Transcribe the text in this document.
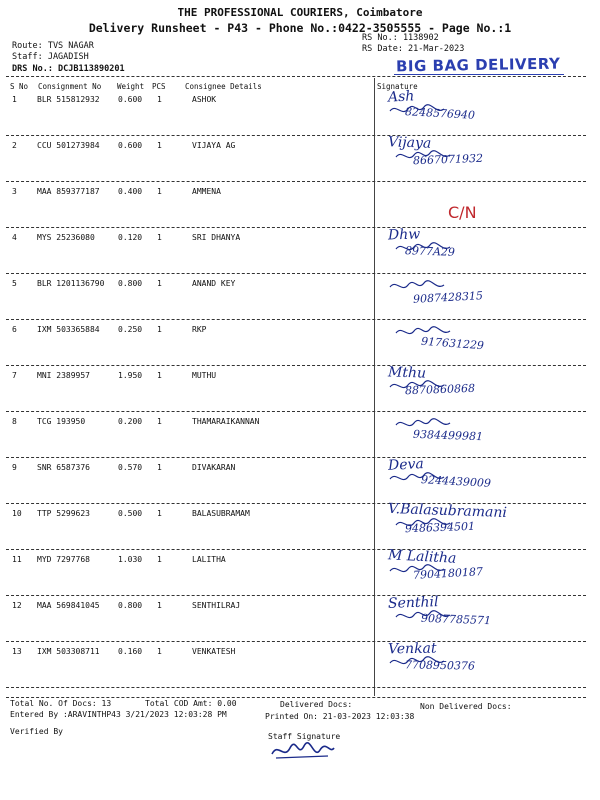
THE PROFESSIONAL COURIERS, Coimbatore
Delivery Runsheet - P43 - Phone No.:0422-3505555 - Page No.:1
Route: TVS NAGAR
Staff: JAGADISH
DRS No.: DCJB113890201
RS No.: 1138902
RS Date: 21-Mar-2023
BIG BAG DELIVERY
S No Consignment No Weight PCS	Consignee Details	Signature
1	BLR 515812932 0.600 1	ASHOK	Ash
8248576940
2	CCU 501273984 0.600 1	VIJAYA AG	Vijaya
8667071932
3	MAA 859377187 0.400 1	AMMENA
C/N
4	MYS 25236080	0.120 1	SRI DHANYA	Dhw
8977A29
5	BLR 1201136790 0.800 1	ANAND KEY
9087428315
6	IXM 503365884 0.250 1	RKP
917631229
7	MNI 2389957	1.950 1	MUTHU	Mthu
8870860868
8	TCG 193950	0.200 1	THAMARAIKANNAN
9384499981
9	SNR 6587376	0.570 1	DIVAKARAN	Deva
9244439009
10 TTP 5299623	0.500 1	BALASUBRAMAM	V.Balasubramani
9486394501
11 MYD 7297768	1.030 1	LALITHA	M Lalitha
7904180187
12 MAA 569841045 0.800 1	SENTHILRAJ	Senthil
9087785571
13 IXM 503308711 0.160 1	VENKATESH	Venkat
7708950376
Total No. Of Docs: 13	Total COD Amt: 0.00	Delivered Docs:	Non Delivered Docs:
Entered By :ARAVINTHP43 3/21/2023 12:03:28 PM	Printed On: 21-03-2023 12:03:38
Verified By
Staff Signature
